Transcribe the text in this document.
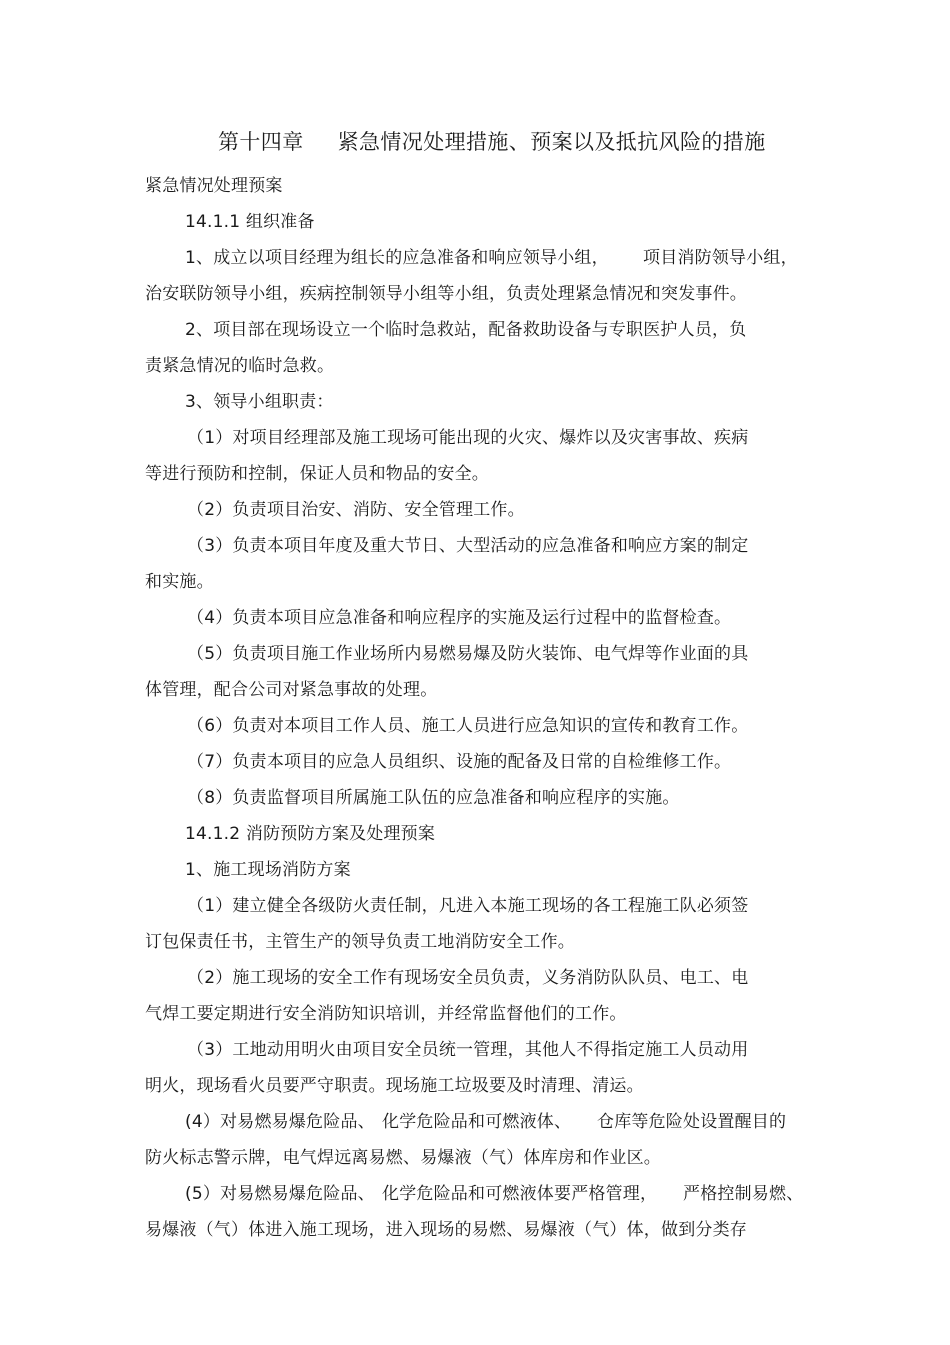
第十四章 紧急情况处理措施、预案以及抵抗风险的措施
紧急情况处理预案
14.1.1 组织准备
1、成立以项目经理为组长的应急准备和响应领导小组， 项目消防领导小组，
治安联防领导小组，疾病控制领导小组等小组，负责处理紧急情况和突发事件。
2、项目部在现场设立一个临时急救站，配备救助设备与专职医护人员，负
责紧急情况的临时急救。
3、领导小组职责：
（1）对项目经理部及施工现场可能出现的火灾、爆炸以及灾害事故、疾病
等进行预防和控制，保证人员和物品的安全。
（2）负责项目治安、消防、安全管理工作。
（3）负责本项目年度及重大节日、大型活动的应急准备和响应方案的制定
和实施。
（4）负责本项目应急准备和响应程序的实施及运行过程中的监督检查。
（5）负责项目施工作业场所内易燃易爆及防火装饰、电气焊等作业面的具
体管理，配合公司对紧急事故的处理。
（6）负责对本项目工作人员、施工人员进行应急知识的宣传和教育工作。
（7）负责本项目的应急人员组织、设施的配备及日常的自检维修工作。
（8）负责监督项目所属施工队伍的应急准备和响应程序的实施。
14.1.2 消防预防方案及处理预案
1、施工现场消防方案
（1）建立健全各级防火责任制，凡进入本施工现场的各工程施工队必须签
订包保责任书，主管生产的领导负责工地消防安全工作。
（2）施工现场的安全工作有现场安全员负责，义务消防队队员、电工、电
气焊工要定期进行安全消防知识培训，并经常监督他们的工作。
（3）工地动用明火由项目安全员统一管理，其他人不得指定施工人员动用
明火，现场看火员要严守职责。现场施工垃圾要及时清理、清运。
(4）对易燃易爆危险品、 化学危险品和可燃液体、 仓库等危险处设置醒目的
防火标志警示牌，电气焊远离易燃、易爆液（气）体库房和作业区。
(5）对易燃易爆危险品、 化学危险品和可燃液体要严格管理， 严格控制易燃、
易爆液（气）体进入施工现场，进入现场的易燃、易爆液（气）体，做到分类存
